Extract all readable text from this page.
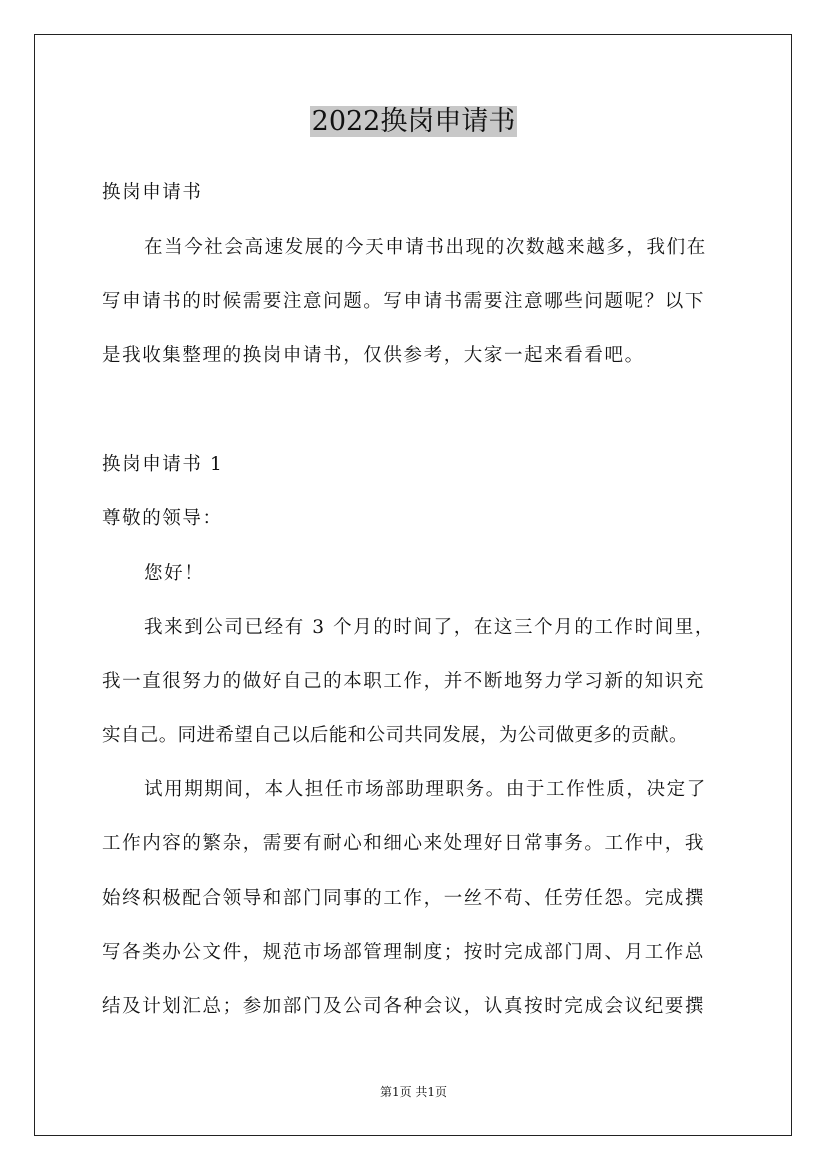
2022换岗申请书

换岗申请书

在当今社会高速发展的今天申请书出现的次数越来越多，我们在

写申请书的时候需要注意问题。写申请书需要注意哪些问题呢？以下

是我收集整理的换岗申请书，仅供参考，大家一起来看看吧。

换岗申请书 1

尊敬的领导：

您好！

我来到公司已经有 3 个月的时间了，在这三个月的工作时间里，

我一直很努力的做好自己的本职工作，并不断地努力学习新的知识充

实自己。同进希望自己以后能和公司共同发展，为公司做更多的贡献。

试用期期间，本人担任市场部助理职务。由于工作性质，决定了

工作内容的繁杂，需要有耐心和细心来处理好日常事务。工作中，我

始终积极配合领导和部门同事的工作，一丝不苟、任劳任怨。完成撰

写各类办公文件，规范市场部管理制度；按时完成部门周、月工作总

结及计划汇总；参加部门及公司各种会议，认真按时完成会议纪要撰

第1页 共1页
